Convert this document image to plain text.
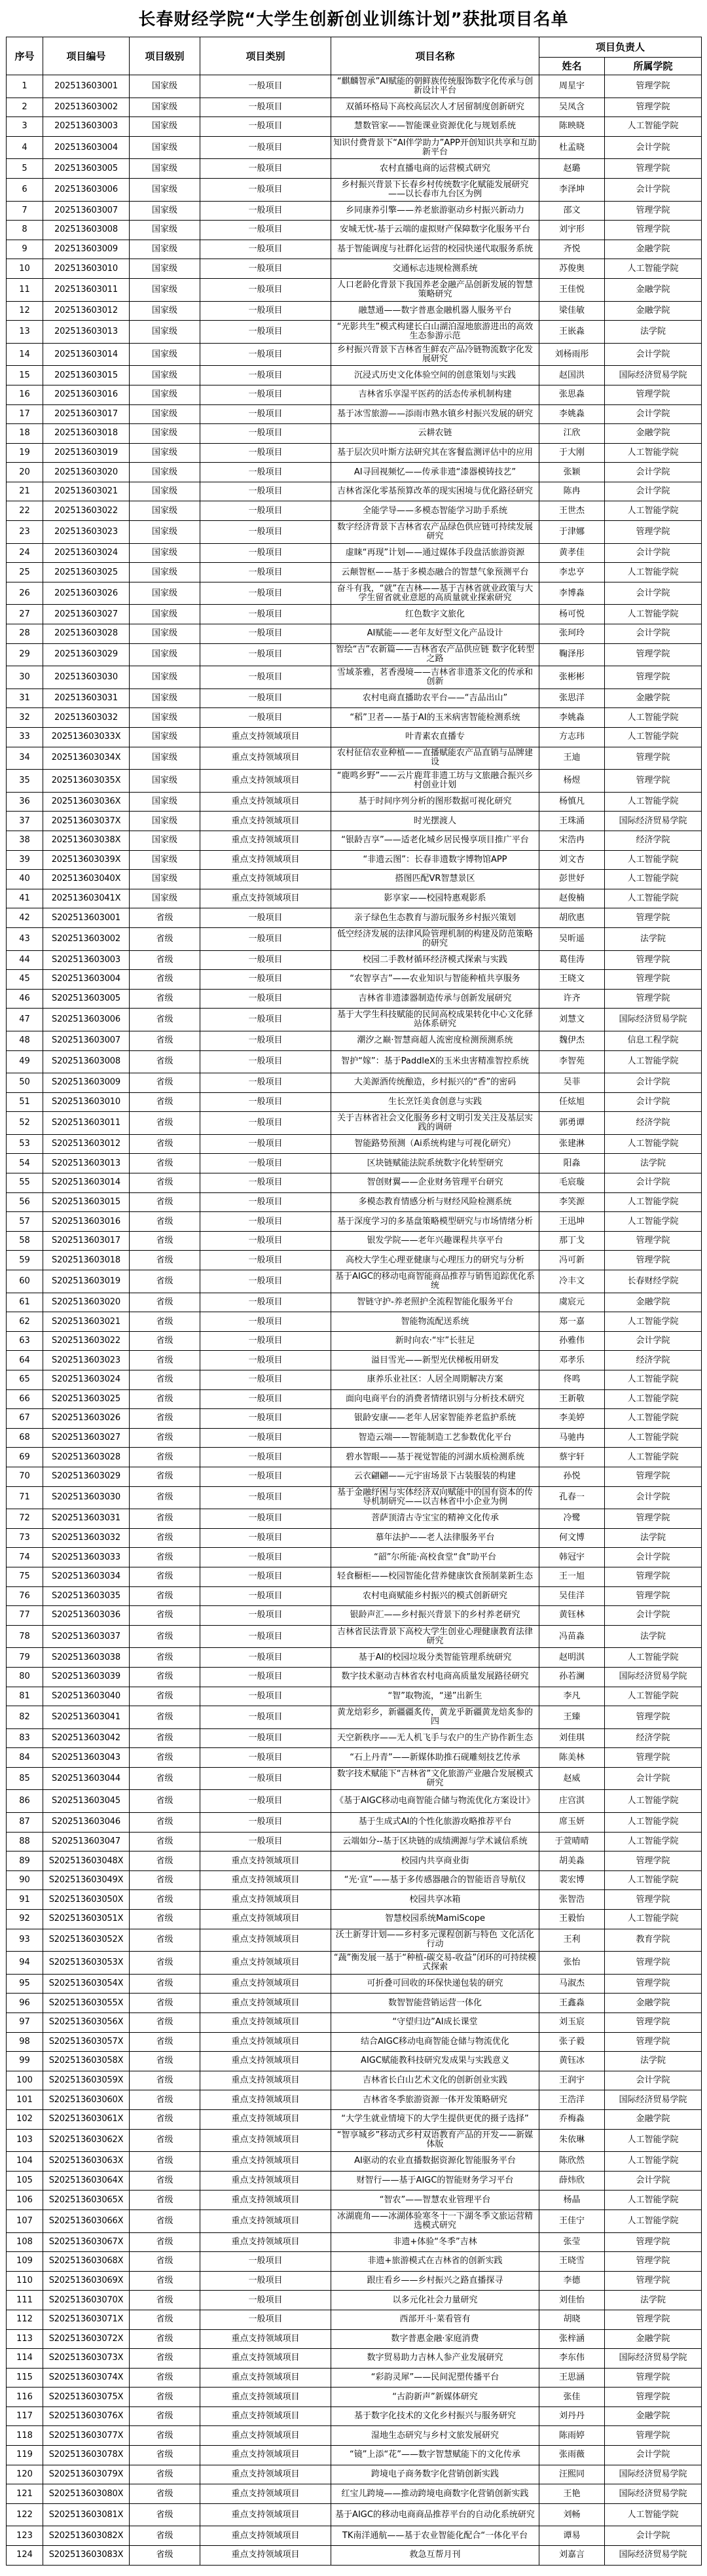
长春财经学院“大学生创新创业训练计划”获批项目名单
序号	项目编号	项目级别	项目类别	项目名称	项目负责人	
					姓名	所属学院
1	202513603001	国家级	一般项目	“麒麟智承”AI赋能的朝鲜族传统服饰数字化传承与创新设计平台	周星宇	管理学院
2	202513603002	国家级	一般项目	双循环格局下高校高层次人才居留制度创新研究	吴凤含	管理学院
3	202513603003	国家级	一般项目	慧数管家——智能课业资源优化与规划系统	陈映晓	人工智能学院
4	202513603004	国家级	一般项目	知识付费背景下“AI伴学助力”APP开创知识共享和互助新平台	杜孟晓	会计学院
5	202513603005	国家级	一般项目	农村直播电商的运营模式研究	赵璐	管理学院
6	202513603006	国家级	一般项目	乡村振兴背景下长春乡村传统数字化赋能发展研究——以长春市九台区为例	李泽坤	会计学院
7	202513603007	国家级	一般项目	乡同康养引擎——养老旅游驱动乡村振兴新动力	邵文	管理学院
8	202513603008	国家级	一般项目	安城无忧-基于云端的虚拟财产保障数字化服务平台	刘宇形	管理学院
9	202513603009	国家级	一般项目	基于智能调度与社群化运营的校园快递代取服务系统	齐悦	金融学院
10	202513603010	国家级	一般项目	交通标志违规检测系统	苏俊奥	人工智能学院
11	202513603011	国家级	一般项目	人口老龄化背景下我国养老金融产品创新发展的智慧策略研究	王佳悦	金融学院
12	202513603012	国家级	一般项目	融慧通——数字普惠金融机器人服务平台	梁佳敏	金融学院
13	202513603013	国家级	一般项目	“光影共生”模式构建长白山湖泊湿地旅游进出的高效生态参游示范	王嵌淼	法学院
14	202513603014	国家级	一般项目	乡村振兴背景下吉林省生鲜农产品冷链物流数字化发展研究	刘杨雨彤	会计学院
15	202513603015	国家级	一般项目	沉浸式历史文化体验空间的创意策划与实践	赵国洪	国际经济贸易学院
16	202513603016	国家级	一般项目	吉林省乐享湿平医药的活态传承机制构建	张思淼	管理学院
17	202513603017	国家级	一般项目	基于冰雪旅游——添雨市熟水镇乡村振兴发展的研究	李姚淼	会计学院
18	202513603018	国家级	一般项目	云耕农链	江欣	金融学院
19	202513603019	国家级	一般项目	基于层次贝叶斯方法研究其在客餐监测评估中的应用	于大刚	人工智能学院
20	202513603020	国家级	一般项目	AI寻回视频忆——传承非遗“漆器模铸技艺”	张颖	会计学院
21	202513603021	国家级	一般项目	吉林省深化零基预算改革的现实困境与优化路径研究	陈冉	会计学院
22	202513603022	国家级	一般项目	全能学导——多模态智能学习助手系统	王世杰	人工智能学院
23	202513603023	国家级	一般项目	数字经济背景下吉林省农产品绿色供应链可持续发展研究	于津娜	管理学院
24	202513603024	国家级	一般项目	虚睐“再现”计划——通过媒体手段盘活旅游资源	黄孝佳	会计学院
25	202513603025	国家级	一般项目	云颠智枢——基于多模态融合的智慧气象预测平台	李忠亨	人工智能学院
26	202513603026	国家级	一般项目	奋斗有我，“就”在吉林——基于吉林省就业政策与大学生留省就业意愿的高质量就业探索研究	李博淼	会计学院
27	202513603027	国家级	一般项目	红色数字文旅化	杨可悦	人工智能学院
28	202513603028	国家级	一般项目	AI赋能——老年友好型文化产品设计	张珂玲	会计学院
29	202513603029	国家级	一般项目	智绘“吉”农新篇——吉林省农产品供应链 数字化转型之路	鞠泽彤	管理学院
30	202513603030	国家级	一般项目	雪域茶雅，茗香漫境——吉林省非遗茶文化的传承和创新	张彬彬	管理学院
31	202513603031	国家级	一般项目	农村电商直播助农平台——“吉品出山”	张思洋	金融学院
32	202513603032	国家级	一般项目	“稻”卫者——基于AI的玉米病害智能检测系统	李姚淼	人工智能学院
33	202513603033X	国家级	重点支持领域项目	叶青素农直播专	方志玮	人工智能学院
34	202513603034X	国家级	重点支持领域项目	农村征信农业种植——直播赋能农产品直销与品牌建设	王迪	管理学院
35	202513603035X	国家级	重点支持领域项目	“鹿鸣乡野”——云片鹿茸非遗工坊与文旅融合振兴乡村创业计划	杨煜	管理学院
36	202513603036X	国家级	重点支持领域项目	基于时间序列分析的图形数据可视化研究	杨慎凡	人工智能学院
37	202513603037X	国家级	重点支持领域项目	时光摆渡人	王珠涌	国际经济贸易学院
38	202513603038X	国家级	重点支持领域项目	“银龄吉享”——适老化城乡居民慢享项目推广平台	宋浩冉	经济学院
39	202513603039X	国家级	重点支持领域项目	“非遗云图”：长春非遗数字博物馆APP	刘文杏	人工智能学院
40	202513603040X	国家级	重点支持领域项目	搭图匹配VR智慧景区	彭世妤	人工智能学院
41	202513603041X	国家级	重点支持领域项目	影享家——校园特惠观影系	赵俊楠	人工智能学院
42	S202513603001	省级	一般项目	亲子绿色生态教育与游玩服务乡村振兴策划	胡欣惠	管理学院
43	S202513603002	省级	一般项目	低空经济发展的法律风险管理机制的构建及防范策略的研究	吴昕遥	法学院
44	S202513603003	省级	一般项目	校园二手教材循环经济模式探索与实践	葛佳涛	管理学院
45	S202513603004	省级	一般项目	“农智享吉”——农业知识与智能种植共享服务	王晓文	管理学院
46	S202513603005	省级	一般项目	吉林省非遗漆器制造传承与创新发展研究	许齐	管理学院
47	S202513603006	省级	一般项目	基于大学生科技赋能的民间高校成果转化中心文化驿站体系研究	刘慧文	国际经济贸易学院
48	S202513603007	省级	一般项目	潮汐之巅·智慧商超人流密度检测预测系统	魏伊杰	信息工程学院
49	S202513603008	省级	一般项目	智护“嫁”：基于PaddleX的玉米虫害精准智控系统	李智苑	人工智能学院
50	S202513603009	省级	一般项目	大美源酒传统酿造，乡村振兴的“香”的密码	吴菲	会计学院
51	S202513603010	省级	一般项目	生长烹饪美食创意与实践	任炫旭	会计学院
52	S202513603011	省级	一般项目	关于吉林省社会文化服务乡村文明引发关注及基层实践的调研	郭勇谭	经济学院
53	S202513603012	省级	一般项目	智能路势预测（Ai系统构建与可视化研究）	张建淋	人工智能学院
54	S202513603013	省级	一般项目	区块链赋能法院系统数字化转型研究	阳淼	法学院
55	S202513603014	省级	一般项目	智创财翼——企业财务管理平台研究	毛宸璇	会计学院
56	S202513603015	省级	一般项目	多模态教育情感分析与财经风险检测系统	李笑源	人工智能学院
57	S202513603016	省级	一般项目	基于深度学习的多基盘策略模型研究与市场情绪分析	王迅坤	人工智能学院
58	S202513603017	省级	一般项目	银发学院——老年兴趣课程共享平台	那丁戈	管理学院
59	S202513603018	省级	一般项目	高校大学生心理亚健康与心理压力的研究与分析	冯可新	管理学院
60	S202513603019	省级	一般项目	基于AIGC的移动电商智能商品推荐与销售追踪优化系统	冷丰文	长春财经学院
61	S202513603020	省级	一般项目	智链守护-养老照护全流程智能化服务平台	虞宸元	金融学院
62	S202513603021	省级	一般项目	智能物流配送系统	郑一嘉	人工智能学院
63	S202513603022	省级	一般项目	新时向农·“牢”长驻足	孙雅伟	会计学院
64	S202513603023	省级	一般项目	溢目雪光——新型光伏梯板用研发	邓孝乐	经济学院
65	S202513603024	省级	一般项目	康养乐业社区：人居全周期解决方案	佟鸣	人工智能学院
66	S202513603025	省级	一般项目	面向电商平台的消费者情绪识别与分析技术研究	王新敬	人工智能学院
67	S202513603026	省级	一般项目	银龄安康——老年人居家智能养老监护系统	李美婷	人工智能学院
68	S202513603027	省级	一般项目	智造云端——智能制造工艺参数优化平台	马驰冉	人工智能学院
69	S202513603028	省级	一般项目	碧水智眼——基于视觉智能的河湖水质检测系统	蔡宇轩	人工智能学院
70	S202513603029	省级	一般项目	云衣翩翩——元宇宙场景下古装服装的构建	孙悦	管理学院
71	S202513603030	省级	一般项目	基于金融纾困与实体经济双向赋能中的国有资本的传导机制研究——以吉林省中小企业为例	孔春一	会计学院
72	S202513603031	省级	一般项目	菩萨顶清古寺宝宝的精神文化传承	冷鹭	管理学院
73	S202513603032	省级	一般项目	慕年法护——老人法律服务平台	何文博	法学院
74	S202513603033	省级	一般项目	“韶”尔所能·高校食堂“食”助平台	韩冠宇	会计学院
75	S202513603034	省级	一般项目	轻食橱柜——校园智能化营养健康饮食预制菜新生态	王一旭	管理学院
76	S202513603035	省级	一般项目	农村电商赋能乡村振兴的模式创新研究	吴佳洋	管理学院
77	S202513603036	省级	一般项目	银龄声汇——乡村振兴背景下的乡村养老研究	黄钰林	会计学院
78	S202513603037	省级	一般项目	吉林省民法背景下高校大学生创业心理健康教育法律研究	冯苗淼	法学院
79	S202513603038	省级	一般项目	基于AI的校园垃圾分类智能管理系统研究	赵明淇	人工智能学院
80	S202513603039	省级	一般项目	数字技术驱动吉林省农村电商高质量发展路径研究	孙若澜	国际经济贸易学院
81	S202513603040	省级	一般项目	“智”取物流，“递”出新生	李凡	人工智能学院
82	S202513603041	省级	一般项目	黄龙焙彩乡，新疆疆炙传，黄龙乎新疆黄龙焙炙参的四	王臻	管理学院
83	S202513603042	省级	一般项目	天空新秩序——无人机飞手与农户的生产协作新生态	刘佳琪	经济学院
84	S202513603043	省级	一般项目	“石上丹青”——新媒体助推石砚雕刻技艺传承	陈美林	管理学院
85	S202513603044	省级	一般项目	数字技术赋能下“吉林省”文化旅游产业融合发展模式研究	赵威	会计学院
86	S202513603045	省级	一般项目	《基于AIGC移动电商智能合储与物流优化方案设计》	庄宫淇	人工智能学院
87	S202513603046	省级	一般项目	基于生成式AI的个性化旅游攻略推荐平台	席玉妍	人工智能学院
88	S202513603047	省级	一般项目	云端如分--基于区块链的成绩溯源与学术诚信系统	于萱晴晴	人工智能学院
89	S202513603048X	省级	重点支持领域项目	校园内共享商业街	胡美淼	管理学院
90	S202513603049X	省级	重点支持领域项目	“光·宣”——基于多传感器融合的智能语音导航仪	裴宏博	人工智能学院
91	S202513603050X	省级	重点支持领域项目	校园共享冰箱	张智浩	管理学院
92	S202513603051X	省级	重点支持领域项目	智慧校园系统MamiScope	王毅怡	人工智能学院
93	S202513603052X	省级	重点支持领域项目	沃土新芽计划——乡村多元课程创新与特色 文化活化行动	王利	教育学院
94	S202513603053X	省级	重点支持领域项目	“蔬”衡发展一基于“种植-碳交易-收益”闭环的可持续模式探索	张怡	管理学院
95	S202513603054X	省级	重点支持领域项目	可折叠可回收的环保快递包装的研究	马淑杰	管理学院
96	S202513603055X	省级	重点支持领域项目	数智智能营销运营一体化	王鑫淼	金融学院
97	S202513603056X	省级	重点支持领域项目	“守望归边”AI成长课堂	刘玉宸	管理学院
98	S202513603057X	省级	重点支持领域项目	结合AIGC移动电商智能仓储与物流优化	张子毅	管理学院
99	S202513603058X	省级	重点支持领域项目	AIGC赋能教科技研究发成果与实践意义	黄钰冰	法学院
100	S202513603059X	省级	重点支持领域项目	吉林省长白山艺术文化的创新创业实践	王润宇	会计学院
101	S202513603060X	省级	重点支持领域项目	吉林省冬季旅游资源一体开发策略研究	王浩洋	国际经济贸易学院
102	S202513603061X	省级	重点支持领域项目	“大学生就业情境下的大学生提供更优的摄子选择”	乔梅淼	金融学院
103	S202513603062X	省级	重点支持领域项目	“智享城乡”移动式乡村双语教育产品的开发——新媒体版	朱依琳	人工智能学院
104	S202513603063X	省级	重点支持领域项目	AI驱动的农业直播数据资源化智能服务平台	陈欣然	人工智能学院
105	S202513603064X	省级	重点支持领域项目	财智行——基于AIGC的智能财务学习平台	薛炜欣	会计学院
106	S202513603065X	省级	重点支持领域项目	“智农”——智慧农业管理平台	杨晶	人工智能学院
107	S202513603066X	省级	重点支持领域项目	冰湖鹿角——冰湖体验寒冬十一下湖冬季文旅运营精选模式研究	王佳宁	人工智能学院
108	S202513603067X	省级	重点支持领域项目	非遗+体验“冬季”吉林	张莹	管理学院
109	S202513603068X	省级	一般项目	非遗+旅游模式在吉林省的创新实践	王晓雪	管理学院
110	S202513603069X	省级	一般项目	跟庄看乡——乡村振兴之路直播探寻	李德	管理学院
111	S202513603070X	省级	一般项目	以多元化社会力量研究	刘佳怡	法学院
112	S202513603071X	省级	一般项目	西部开斗·菜看管有	胡晓	管理学院
113	S202513603072X	省级	重点支持领域项目	数字普惠金融·家庭消费	张梓涵	金融学院
114	S202513603073X	省级	重点支持领域项目	数字贸易助力吉林人参产业发展研究	李东伟	国际经济贸易学院
115	S202513603074X	省级	重点支持领域项目	“彩韵灵犀”——民间泥塑传播平台	王思涵	管理学院
116	S202513603075X	省级	重点支持领域项目	“古韵新声”新媒体研究	张佳	管理学院
117	S202513603076X	省级	重点支持领域项目	基于数字化技术的文化乡村振兴与服务研究	刘丹丹	金融学院
118	S202513603077X	省级	重点支持领域项目	湿地生态研究与乡村文旅发展研究	陈雨婷	管理学院
119	S202513603078X	省级	重点支持领域项目	“镜”上添“花”——数字智慧赋能下的文化传承	张雨薇	会计学院
120	S202513603079X	省级	重点支持领域项目	跨境电子商务数字化营销创新实践	汪熙同	国际经济贸易学院
121	S202513603080X	省级	重点支持领域项目	红宝儿跨境——推动跨境电商数字化营销创新实践	王艳	国际经济贸易学院
122	S202513603081X	省级	重点支持领域项目	基于AIGC的移动电商商品推荐平台的自动化系统研究	刘畅	人工智能学院
123	S202513603082X	省级	重点支持领域项目	TK南洋通航——基于农业智能化配合“一体化平台	谭易	会计学院
124	S202513603083X	省级	重点支持领域项目	救急互帮月刊	刘嘉言	国际经济贸易学院
